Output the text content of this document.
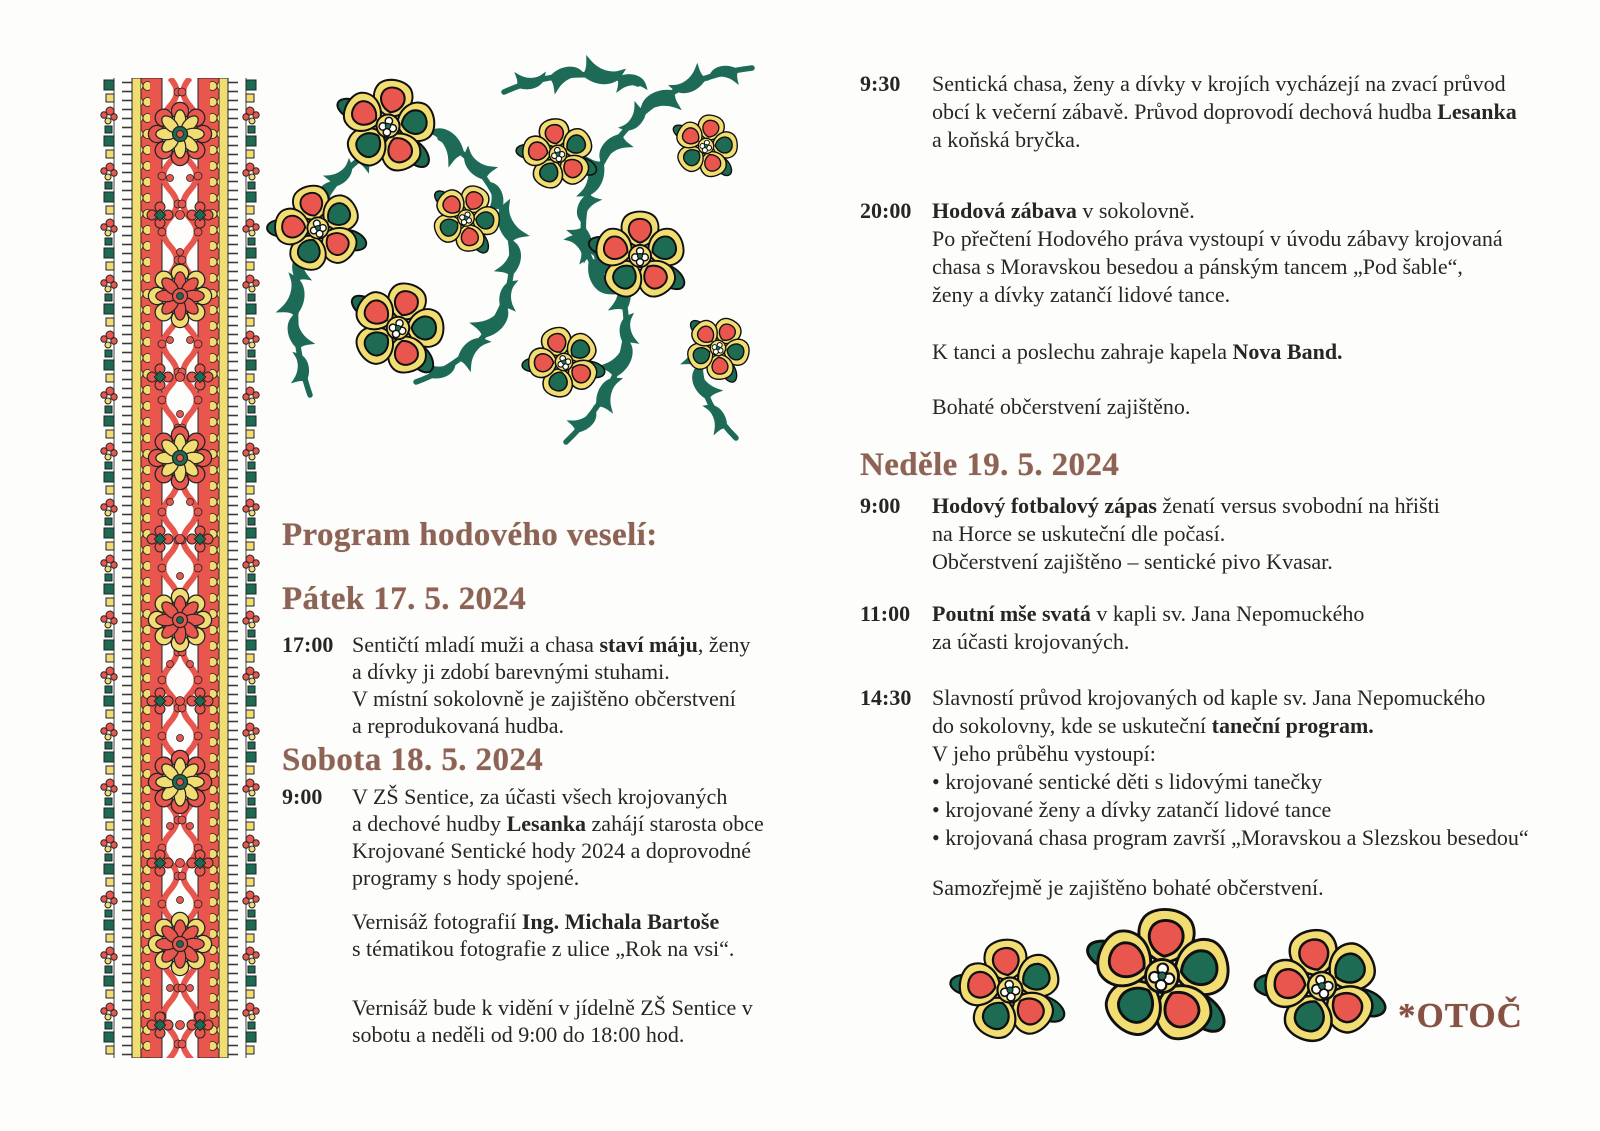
Program hodového veselí:
Pátek 17. 5. 2024
17:00 Sentičtí mladí muži a chasa staví máju, ženy
a dívky ji zdobí barevnými stuhami.
V místní sokolovně je zajištěno občerstvení
a reprodukovaná hudba.
Sobota 18. 5. 2024
9:00	V ZŠ Sentice, za účasti všech krojovaných
a dechové hudby Lesanka zahájí starosta obce
Krojované Sentické hody 2024 a doprovodné
programy s hody spojené.
Vernisáž fotografií Ing. Michala Bartoše
s tématikou fotografie z ulice „Rok na vsi“.
Vernisáž bude k vidění v jídelně ZŠ Sentice v
sobotu a neděli od 9:00 do 18:00 hod.
9:30	Sentická chasa, ženy a dívky v krojích vycházejí na zvací průvod
obcí k večerní zábavě. Průvod doprovodí dechová hudba Lesanka
a koňská bryčka.
20:00 Hodová zábava v sokolovně.
Po přečtení Hodového práva vystoupí v úvodu zábavy krojovaná
chasa s Moravskou besedou a pánským tancem „Pod šable“,
ženy a dívky zatančí lidové tance.
K tanci a poslechu zahraje kapela Nova Band.
Bohaté občerstvení zajištěno.
Neděle 19. 5. 2024
9:00	Hodový fotbalový zápas ženatí versus svobodní na hřišti
na Horce se uskuteční dle počasí.
Občerstvení zajištěno – sentické pivo Kvasar.
11:00 Poutní mše svatá v kapli sv. Jana Nepomuckého
za účasti krojovaných.
14:30 Slavností průvod krojovaných od kaple sv. Jana Nepomuckého
do sokolovny, kde se uskuteční taneční program.
V jeho průběhu vystoupí:
• krojované sentické děti s lidovými tanečky
• krojované ženy a dívky zatančí lidové tance
• krojovaná chasa program završí „Moravskou a Slezskou besedou“
Samozřejmě je zajištěno bohaté občerstvení.
*OTOČ
